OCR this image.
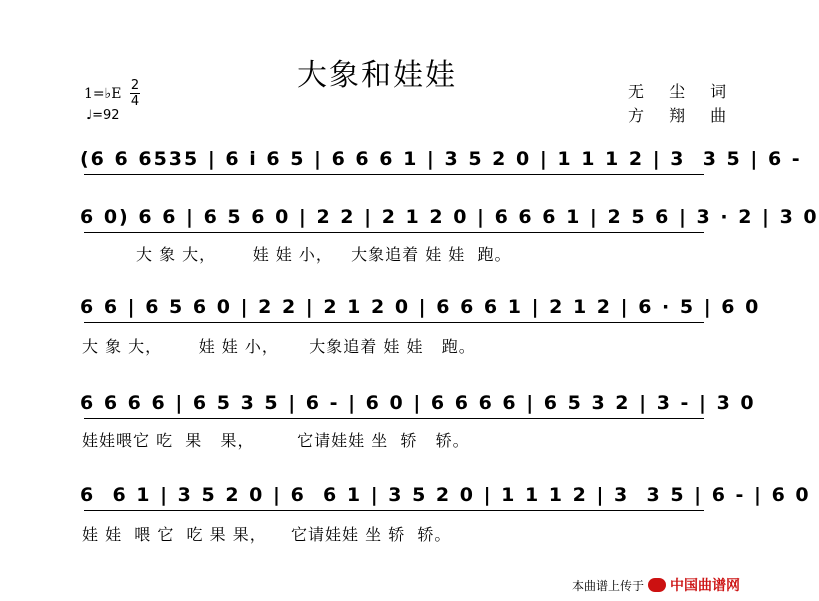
大象和娃娃
1=♭E
2
4
♩=92
无 尘 词
方 翔 曲
(6 6 6535 | 6 i 6 5 | 6 6 6 1 | 3 5 2 0 | 1 1 1 2 | 3  3 5 | 6 -
6 0) 6 6 | 6 5 6 0 | 2 2 | 2 1 2 0 | 6 6 6 1 | 2 5 6 | 3 · 2 | 3 0
大 象 大，      娃 娃 小，   大象追着 娃 娃  跑。
6 6 | 6 5 6 0 | 2 2 | 2 1 2 0 | 6 6 6 1 | 2 1 2 | 6 · 5 | 6 0
大 象 大，      娃 娃 小，     大象追着 娃 娃   跑。
6 6 6 6 | 6 5 3 5 | 6 - | 6 0 | 6 6 6 6 | 6 5 3 2 | 3 - | 3 0
娃娃喂它 吃  果   果，       它请娃娃 坐  轿   轿。
6  6 1 | 3 5 2 0 | 6  6 1 | 3 5 2 0 | 1 1 1 2 | 3  3 5 | 6 - | 6 0
娃 娃  喂 它  吃 果 果，    它请娃娃 坐 轿  轿。
本曲谱上传于 中国曲谱网
